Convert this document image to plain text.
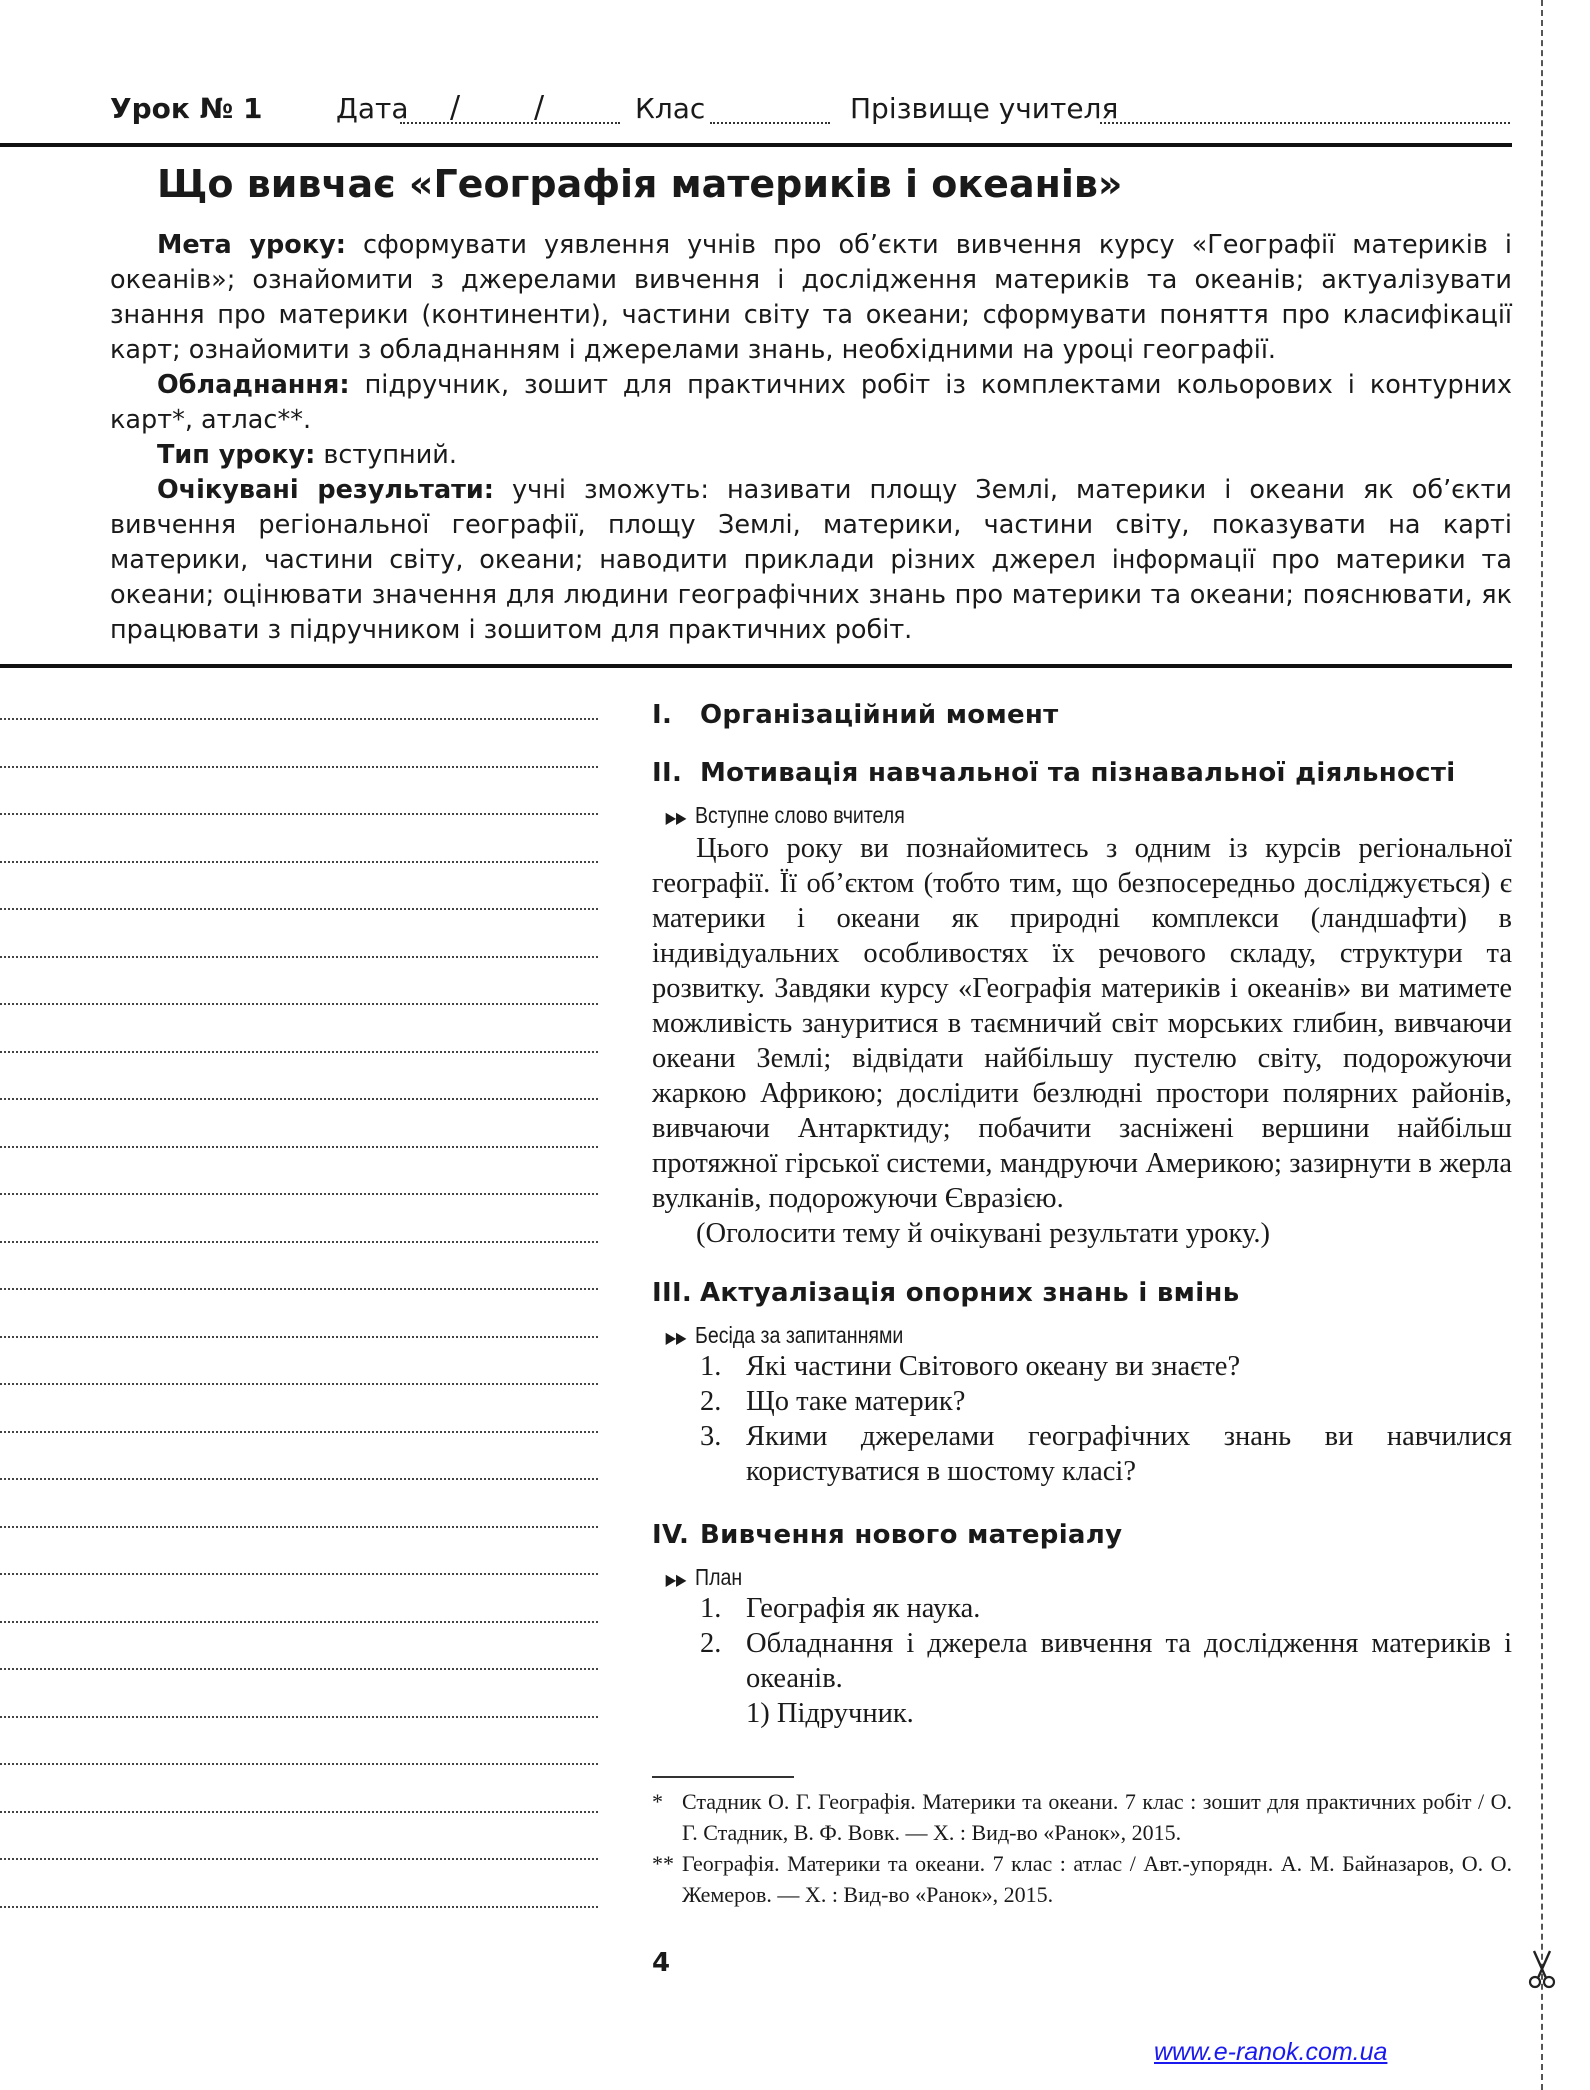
Урок № 1	Дата / /	Клас	Прізвище учителя
Що вивчає «Географія материків і океанів»

Мета уроку: сформувати уявлення учнів про об’єкти вивчення курсу «Географії материків і океанів»; ознайомити з джерелами вивчення і дослідження материків та океанів; актуалізувати знання про материки (континенти), частини світу та океани; сформувати поняття про класифікації карт; ознайомити з обладнанням і джерелами знань, необхідними на уроці географії.

Обладнання: підручник, зошит для практичних робіт із комплектами кольорових і контурних карт*, атлас**.

Тип уроку: вступний.

Очікувані результати: учні зможуть: називати площу Землі, материки і океани як об’єкти вивчення регіональної географії, площу Землі, материки, частини світу, показувати на карті материки, частини світу, океани; наводити приклади різних джерел інформації про материки та океани; оцінювати значення для людини географічних знань про материки та океани; пояснювати, як працювати з підручником і зошитом для практичних робіт.

I. Організаційний момент
II. Мотивація навчальної та пізнавальної діяльності
▶▶ Вступне слово вчителя

Цього року ви познайомитесь з одним із курсів регіональної географії. Її об’єктом (тобто тим, що безпосередньо досліджується) є материки і океани як природні комплекси (ландшафти) в індивідуальних особливостях їх речового складу, структури та розвитку. Завдяки курсу «Географія материків і океанів» ви матимете можливість зануритися в таємничий світ морських глибин, вивчаючи океани Землі; відвідати найбільшу пустелю світу, подорожуючи жаркою Африкою; дослідити безлюдні простори полярних районів, вивчаючи Антарктиду; побачити засніжені вершини найбільш протяжної гірської системи, мандруючи Америкою; зазирнути в жерла вулканів, подорожуючи Євразією.

(Оголосити тему й очікувані результати уроку.)

III. Актуалізація опорних знань і вмінь
▶▶ Бесіда за запитаннями
1. Які частини Світового океану ви знаєте?
2. Що таке материк?
3. Якими джерелами географічних знань ви навчилися користуватися в шостому класі?
IV. Вивчення нового матеріалу
▶▶ План
1. Географія як наука.
2. Обладнання і джерела вивчення та дослідження материків і океанів.
1) Підручник.
* Стадник О. Г. Географія. Материки та океани. 7 клас : зошит для практичних робіт / О. Г. Стадник, В. Ф. Вовк. — Х. : Вид-во «Ранок», 2015.
** Географія. Материки та океани. 7 клас : атлас / Авт.-упорядн. А. М. Байназаров, О. О. Жемеров. — Х. : Вид-во «Ранок», 2015.
4
www.e-ranok.com.ua
